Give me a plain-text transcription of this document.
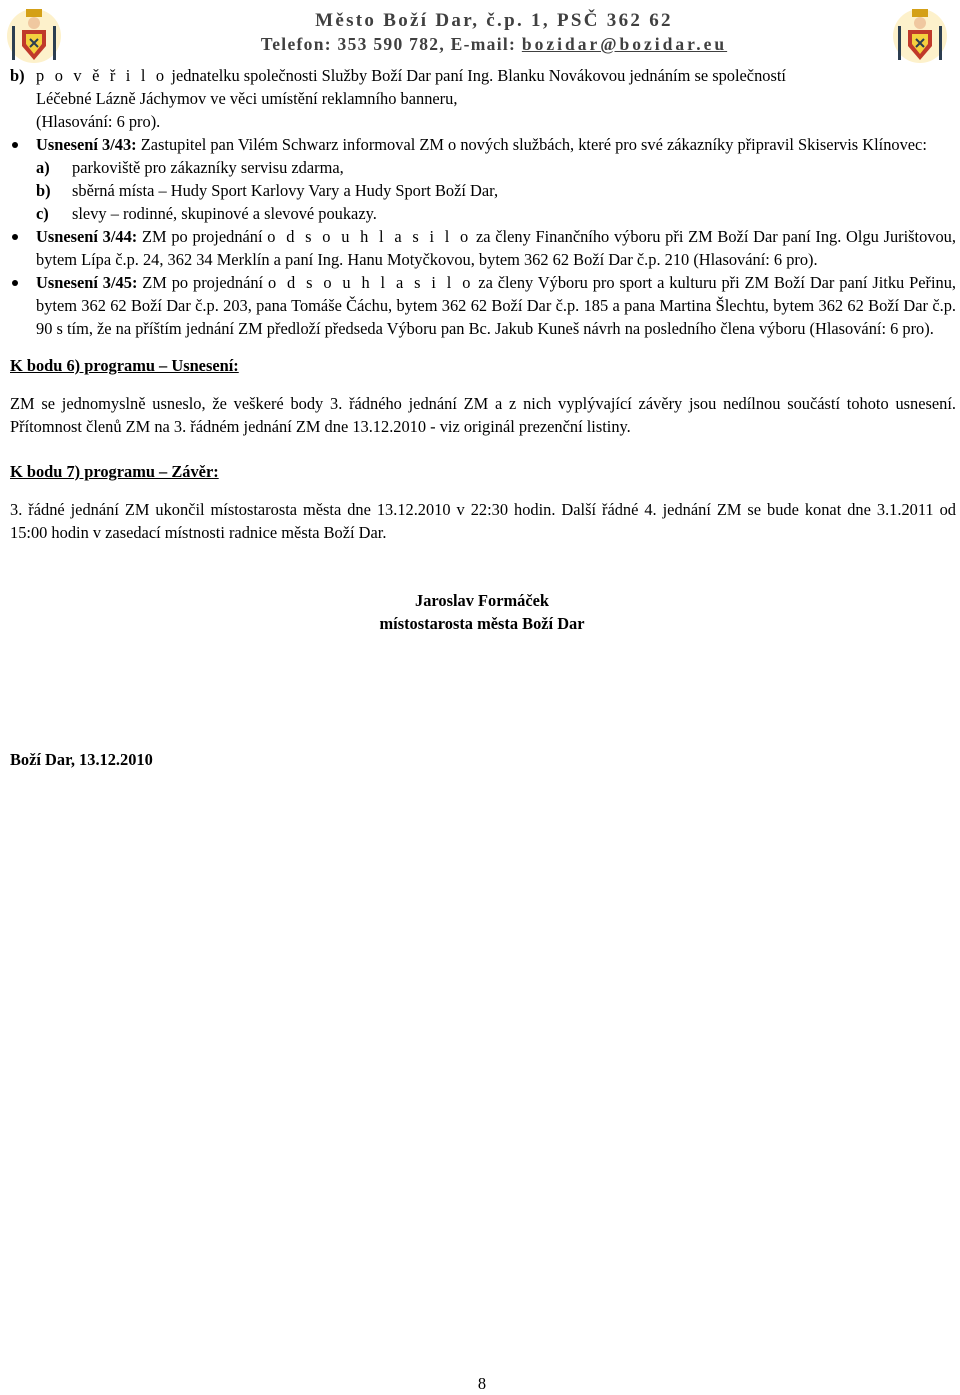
Město Boží Dar, č.p. 1, PSČ 362 62
Telefon: 353 590 782, E-mail: bozidar@bozidar.eu

b) p o v ě ř i l o jednatelku společnosti Služby Boží Dar paní Ing. Blanku Novákovou jednáním se společností

Léčebné Lázně Jáchymov ve věci umístění reklamního banneru,

(Hlasování: 6 pro).

Usnesení 3/43: Zastupitel pan Vilém Schwarz informoval ZM o nových službách, které pro své zákazníky připravil Skiservis Klínovec:

a) parkoviště pro zákazníky servisu zdarma,

b) sběrná místa – Hudy Sport Karlovy Vary a Hudy Sport Boží Dar,

c) slevy – rodinné, skupinové a slevové poukazy.

Usnesení 3/44: ZM po projednání o d s o u h l a s i l o za členy Finančního výboru při ZM Boží Dar paní Ing. Olgu Jurištovou, bytem Lípa č.p. 24, 362 34 Merklín a paní Ing. Hanu Motyčkovou, bytem 362 62 Boží Dar č.p. 210 (Hlasování: 6 pro).

Usnesení 3/45: ZM po projednání o d s o u h l a s i l o za členy Výboru pro sport a kulturu při ZM Boží Dar paní Jitku Peřinu, bytem 362 62 Boží Dar č.p. 203, pana Tomáše Čáchu, bytem 362 62 Boží Dar č.p. 185 a pana Martina Šlechtu, bytem 362 62 Boží Dar č.p. 90 s tím, že na příštím jednání ZM předloží předseda Výboru pan Bc. Jakub Kuneš návrh na posledního člena výboru (Hlasování: 6 pro).

K bodu 6) programu – Usnesení:

ZM se jednomyslně usneslo, že veškeré body 3. řádného jednání ZM a z nich vyplývající závěry jsou nedílnou součástí tohoto usnesení. Přítomnost členů ZM na 3. řádném jednání ZM dne 13.12.2010 - viz originál prezenční listiny.

K bodu 7) programu – Závěr:

3. řádné jednání ZM ukončil místostarosta města dne 13.12.2010 v 22:30 hodin. Další řádné 4. jednání ZM se bude konat dne 3.1.2011 od 15:00 hodin v zasedací místnosti radnice města Boží Dar.

Jaroslav Formáček

místostarosta města Boží Dar

Boží Dar, 13.12.2010

8
